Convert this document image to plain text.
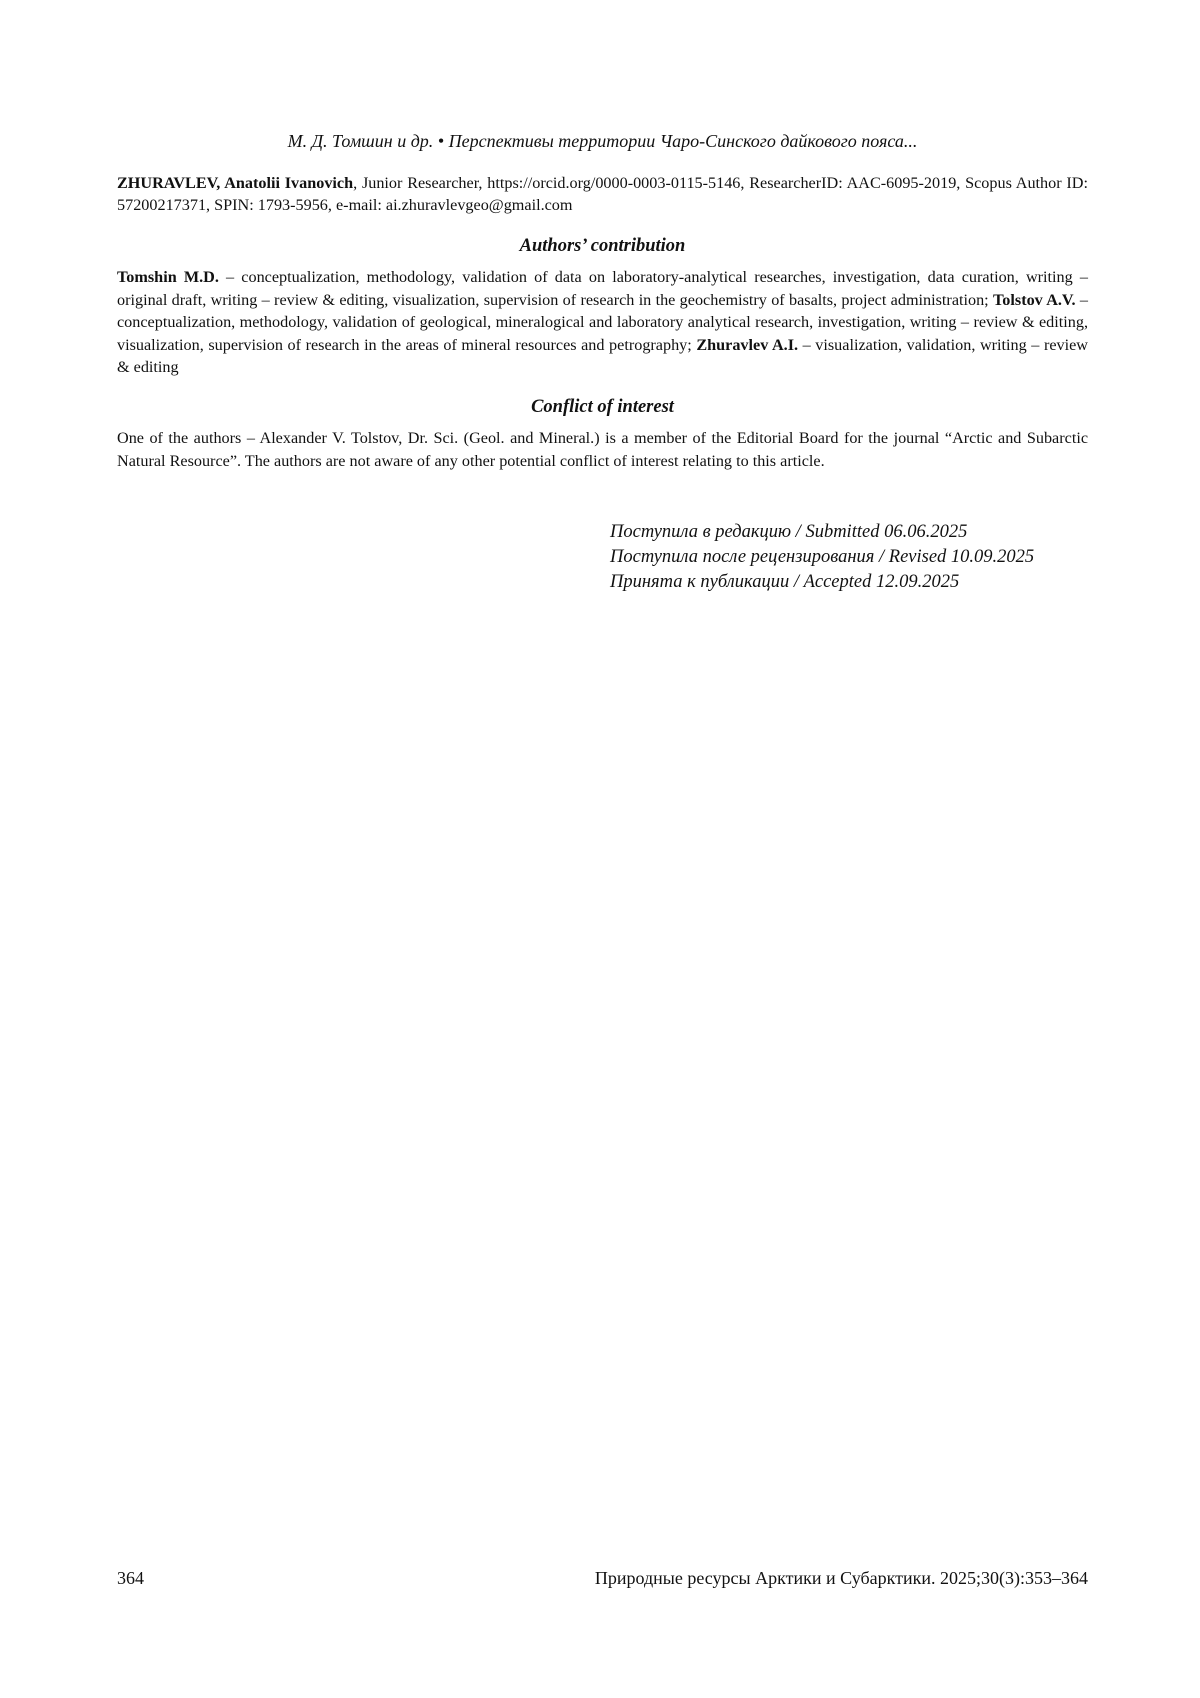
М. Д. Томшин и др. • Перспективы территории Чаро-Синского дайкового пояса...
ZHURAVLEV, Anatolii Ivanovich, Junior Researcher, https://orcid.org/0000-0003-0115-5146, ResearcherID: AAC-6095-2019, Scopus Author ID: 57200217371, SPIN: 1793-5956, e-mail: ai.zhuravlevgeo@gmail.com
Authors’ contribution
Tomshin M.D. – conceptualization, methodology, validation of data on laboratory-analytical researches, investigation, data curation, writing – original draft, writing – review & editing, visualization, supervision of research in the geochemistry of basalts, project administration; Tolstov A.V. – conceptualization, methodology, validation of geological, mineralogical and laboratory analytical research, investigation, writing – review & editing, visualization, supervision of research in the areas of mineral resources and petrography; Zhuravlev A.I. – visualization, validation, writing – review & editing
Conflict of interest
One of the authors – Alexander V. Tolstov, Dr. Sci. (Geol. and Mineral.) is a member of the Editorial Board for the journal “Arctic and Subarctic Natural Resource”. The authors are not aware of any other potential conflict of interest relating to this article.
Поступила в редакцию / Submitted 06.06.2025
Поступила после рецензирования / Revised 10.09.2025
Принята к публикации / Accepted 12.09.2025
364	Природные ресурсы Арктики и Субарктики. 2025;30(3):353–364
